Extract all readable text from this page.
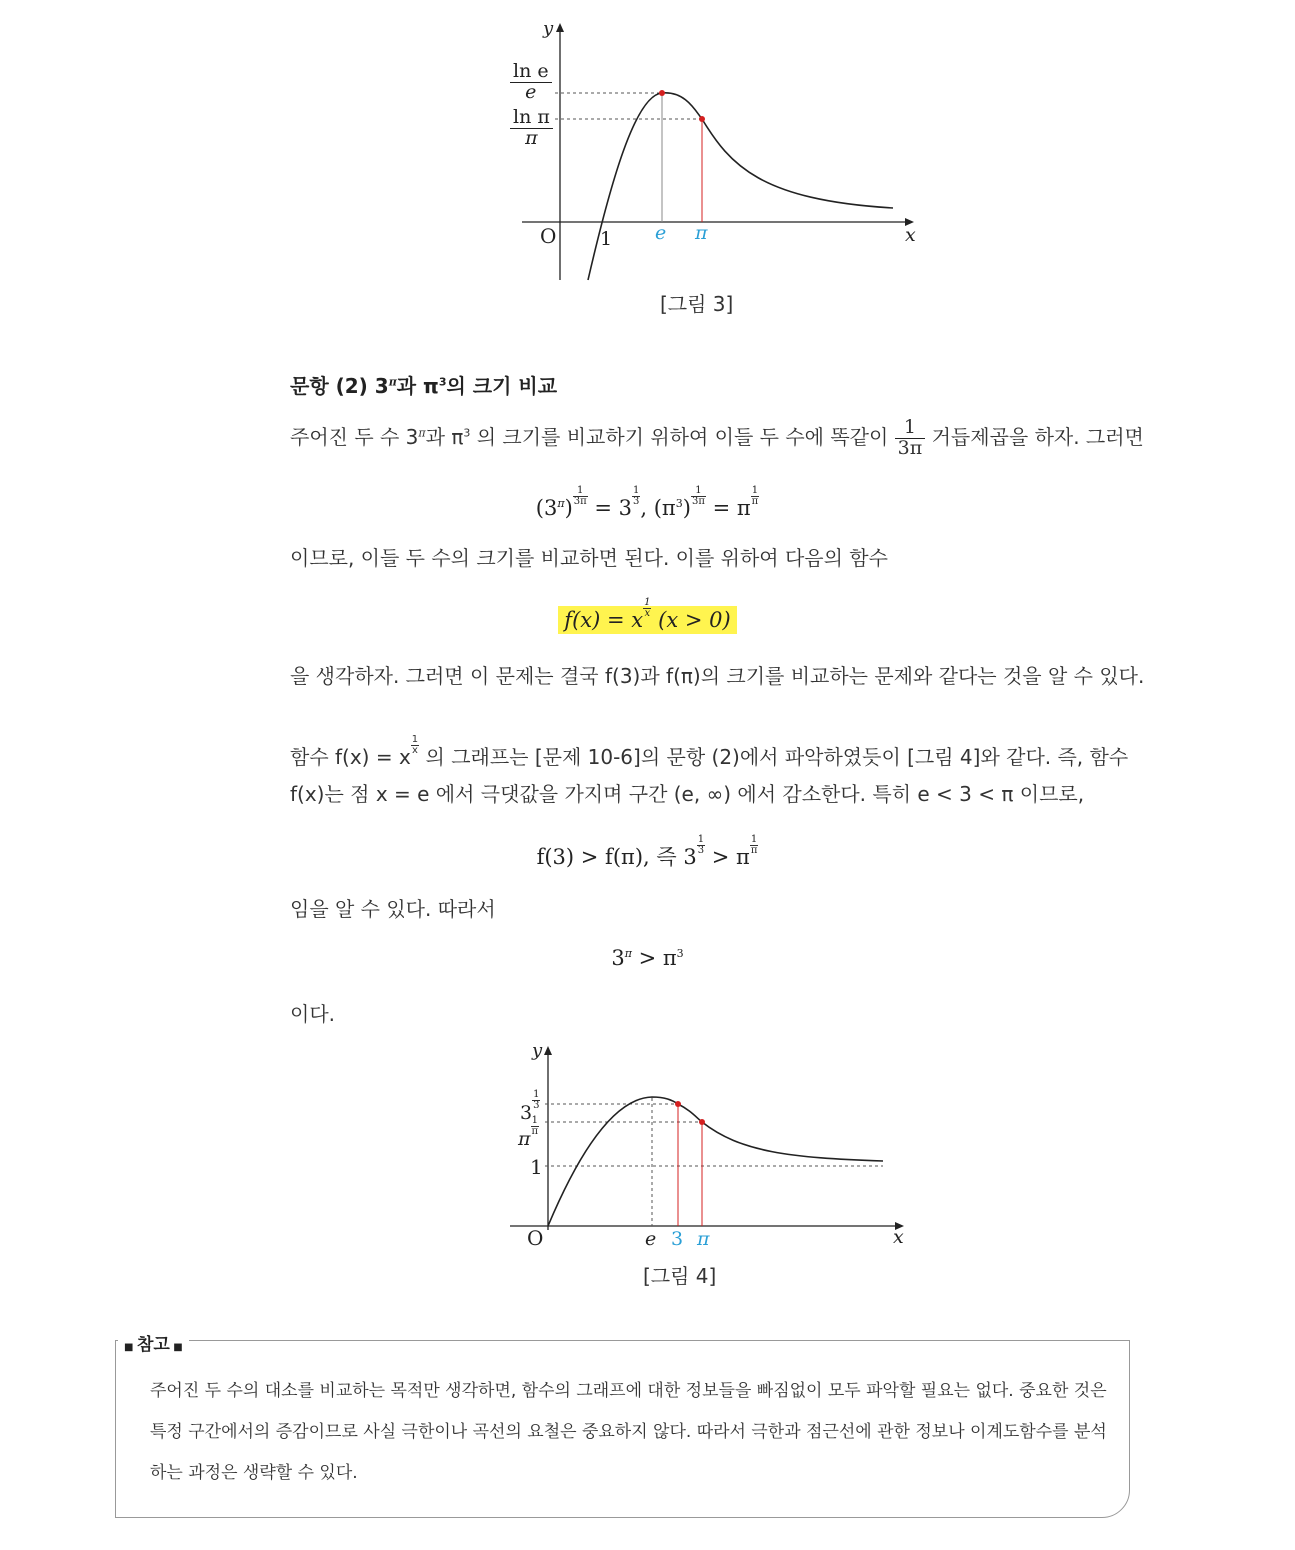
y
x
O 1 e π
$\frac{\text{ln e}}{e}$
$\frac{\text{ln π}}{\pi}$
[그림 3]
문항 (2) $3^\pi$과 $\pi^3$의 크기 비교
주어진 두 수 $3^\pi$과 $\pi^3$ 의 크기를 비교하기 위하여 이들 두 수에 똑같이 $\frac{1}{3\pi}$ 거듭제곱을 하자. 그러면
$(3^\pi) \frac{1}{3\pi} = 3 \frac{1}{3}$ , $(\pi^3) \frac{1}{3\pi} = \pi \frac{1}{\pi}$
이므로, 이들 두 수의 크기를 비교하면 된다. 이를 위하여 다음의 함수
f(x) = x $\frac{1}{x} (x > 0)$
을 생각하자. 그러면 이 문제는 결국 f(3)과 f(π)의 크기를 비교하는 문제와 같다는 것을 알 수 있다.
함수 f(x) = x $\frac{1}{x}$ 의 그래프는 [문제 10-6]의 문항 (2)에서 파악하였듯이 [그림 4]와 같다. 즉, 함수
f(x)는 점 x = e 에서 극댓값을 가지며 구간 (e, ∞) 에서 감소한다. 특히 e < 3 < π 이므로,
f(3) > f(π), 즉 $3 \frac{1}{3} > \pi \frac{1}{\pi}$
임을 알 수 있다. 따라서
$3^\pi > \pi^3$
이다.
y
x
O
3
$\frac{1}{3}$
π
$\frac{1}{\pi}$
1
e 3 π
[그림 4]
■ 참고 ■
주어진 두 수의 대소를 비교하는 목적만 생각하면, 함수의 그래프에 대한 정보들을 빠짐없이 모두 파악할 필요는 없다. 중요한 것은
특정 구간에서의 증감이므로 사실 극한이나 곡선의 요철은 중요하지 않다. 따라서 극한과 점근선에 관한 정보나 이계도함수를 분석
하는 과정은 생략할 수 있다.
